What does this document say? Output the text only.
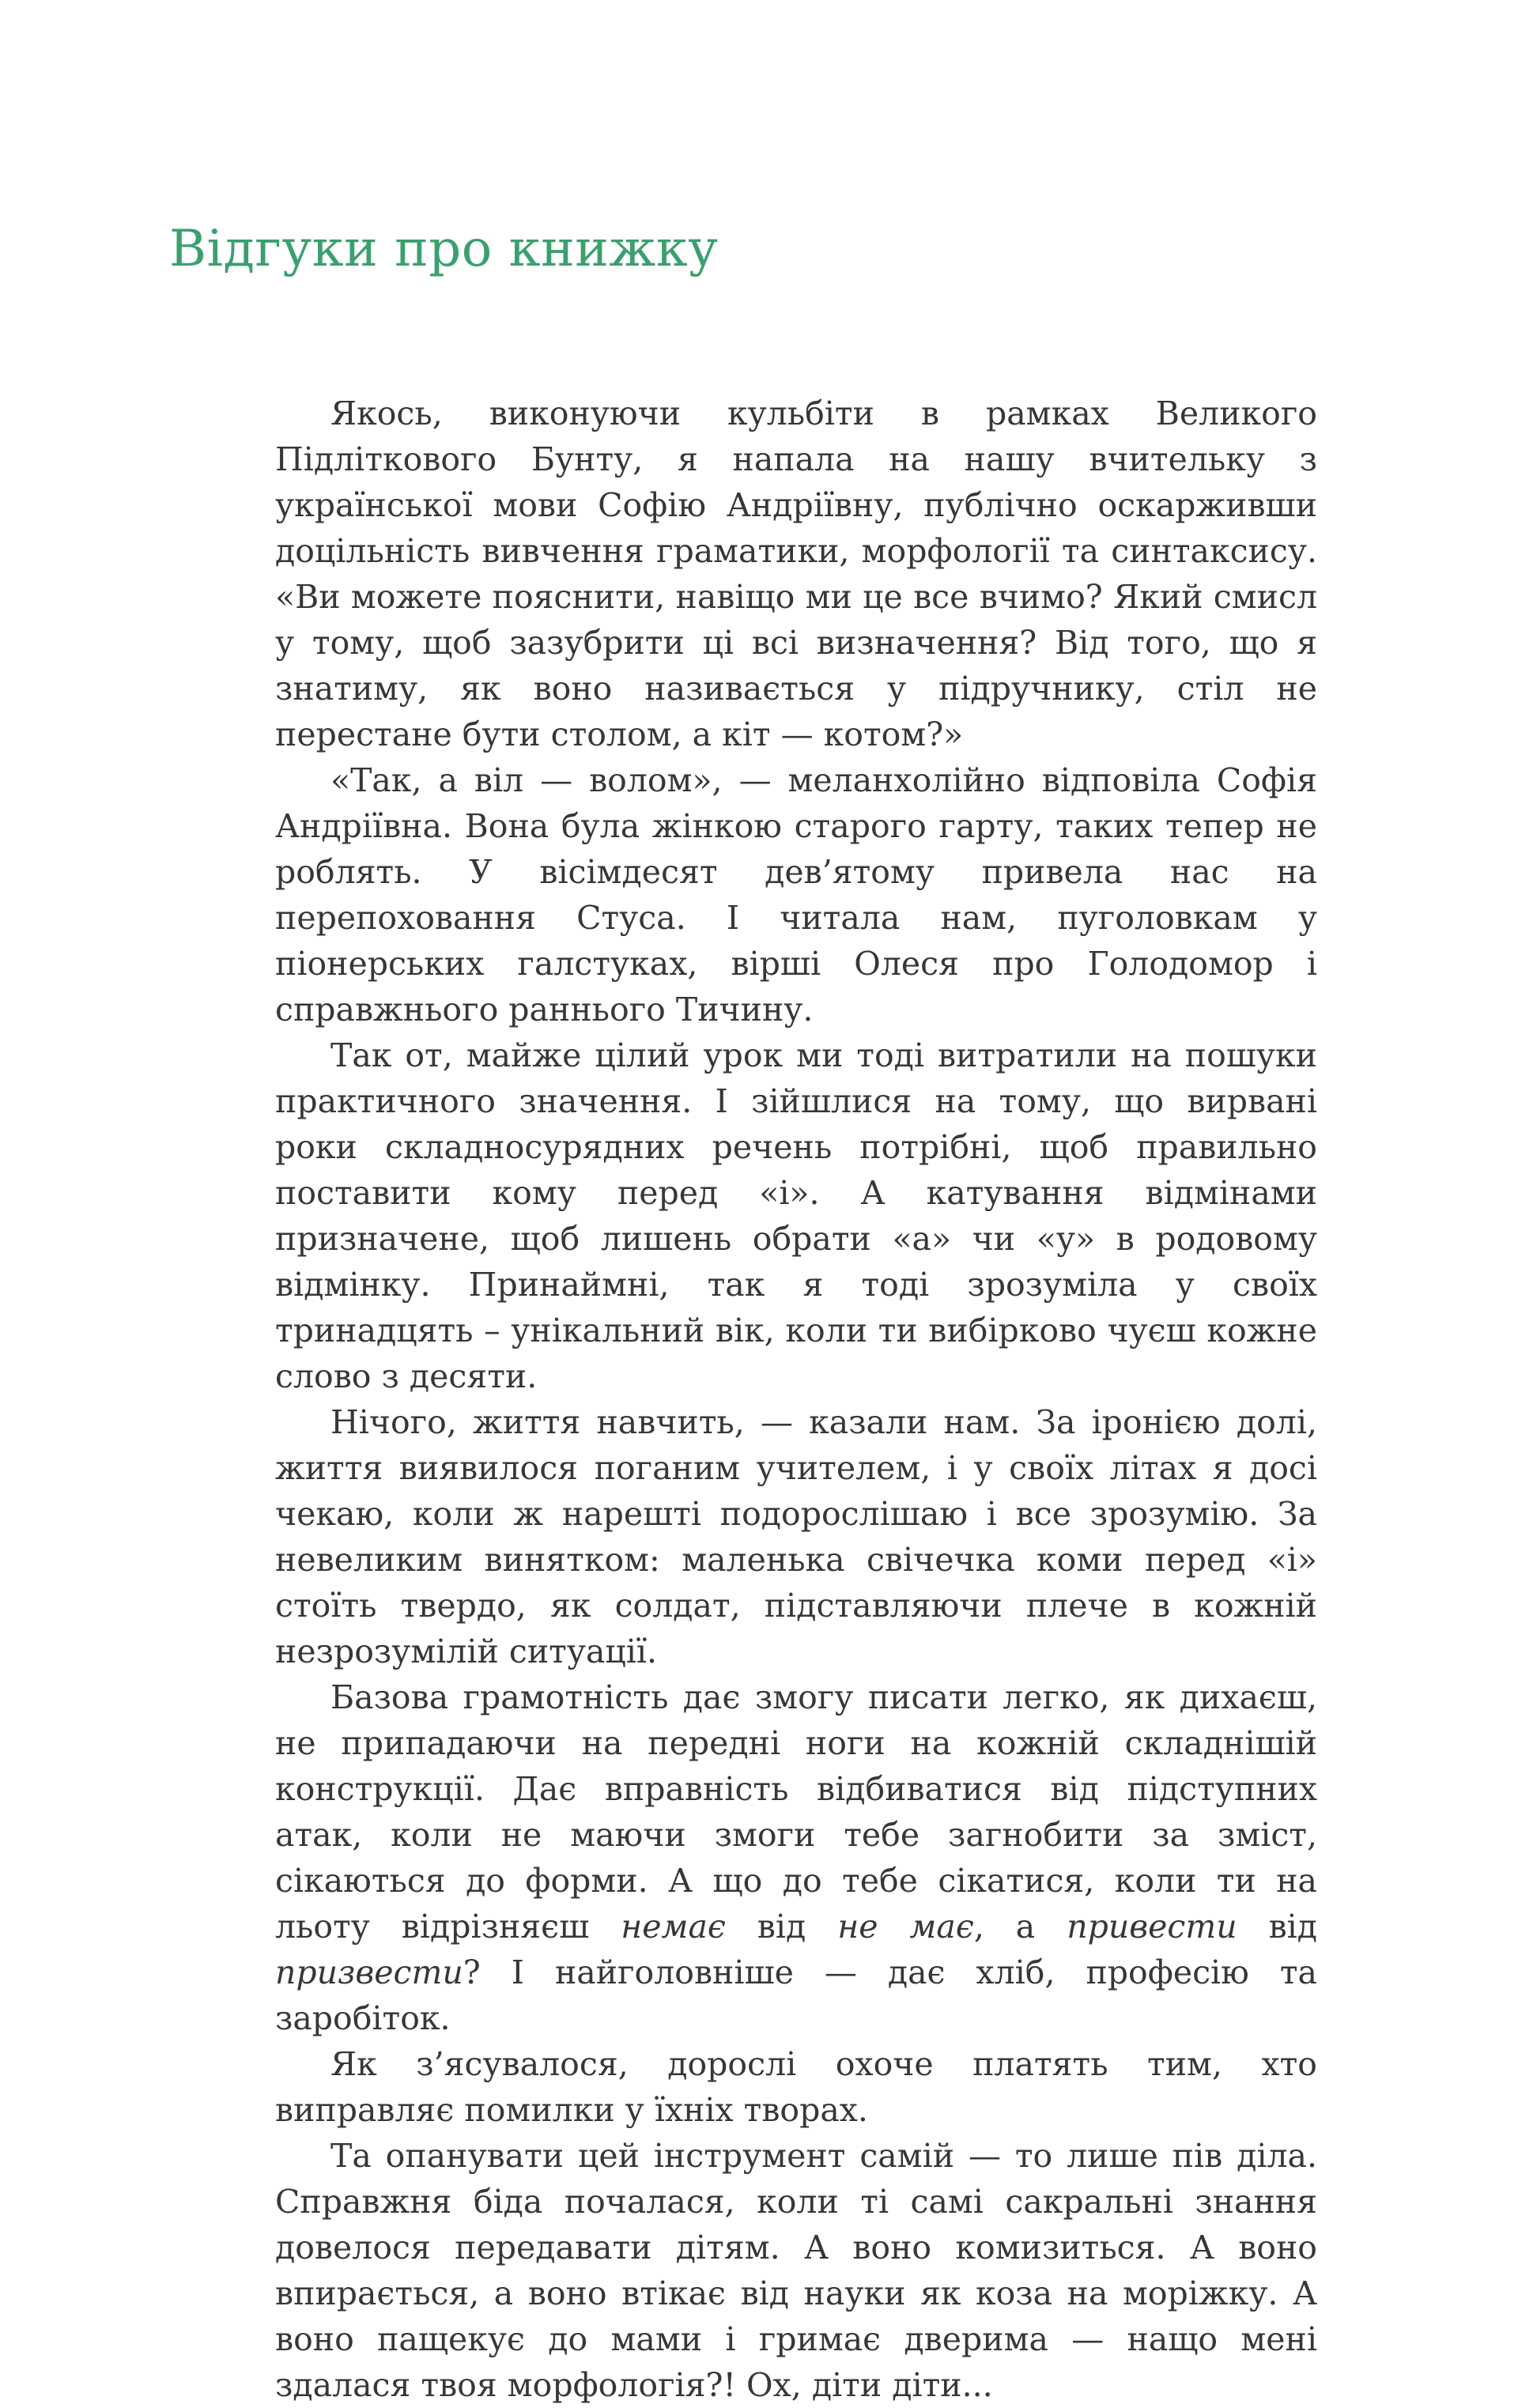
Відгуки про книжку

Якось, виконуючи кульбіти в рамках Великого Підліткового Бунту, я напала на нашу вчительку з української мови Софію Андріївну, публічно оскарживши доцільність вивчення граматики, морфології та синтаксису. «Ви можете пояснити, навіщо ми це все вчимо? Який смисл у тому, щоб зазубрити ці всі визначення? Від того, що я знатиму, як воно називається у підручнику, стіл не перестане бути столом, а кіт — котом?»

«Так, а віл — волом», — меланхолійно відповіла Софія Андріївна. Вона була жінкою старого гарту, таких тепер не роблять. У вісімдесят дев’ятому привела нас на перепоховання Стуса. І читала нам, пуголовкам у піонерських галстуках, вірші Олеся про Голодомор і справжнього раннього Тичину.

Так от, майже цілий урок ми тоді витратили на пошуки практичного значення. І зійшлися на тому, що вирвані роки складносурядних речень потрібні, щоб правильно поставити кому перед «і». А катування відмінами призначене, щоб лишень обрати «а» чи «у» в родовому відмінку. Принаймні, так я тоді зрозуміла у своїх тринадцять – унікальний вік, коли ти вибірково чуєш кожне слово з десяти.

Нічого, життя навчить, — казали нам. За іронією долі, життя виявилося поганим учителем, і у своїх літах я досі чекаю, коли ж нарешті подорослішаю і все зрозумію. За невеликим винятком: маленька свічечка коми перед «і» стоїть твердо, як солдат, підставляючи плече в кожній незрозумілій ситуації.

Базова грамотність дає змогу писати легко, як дихаєш, не припадаючи на передні ноги на кожній складнішій конструкції. Дає вправність відбиватися від підступних атак, коли не маючи змоги тебе загнобити за зміст, сікаються до форми. А що до тебе сікатися, коли ти на льоту відрізняєш немає від не має, а привести від призвести? І найголовніше — дає хліб, професію та заробіток.

Як з’ясувалося, дорослі охоче платять тим, хто виправляє помилки у їхніх творах.

Та опанувати цей інструмент самій — то лише пів діла. Справжня біда почалася, коли ті самі сакральні знання довелося передавати дітям. А воно комизиться. А воно впирається, а воно втікає від науки як коза на моріжку. А воно пащекує до мами і гримає дверима — нащо мені здалася твоя морфологія?! Ох, діти діти...
